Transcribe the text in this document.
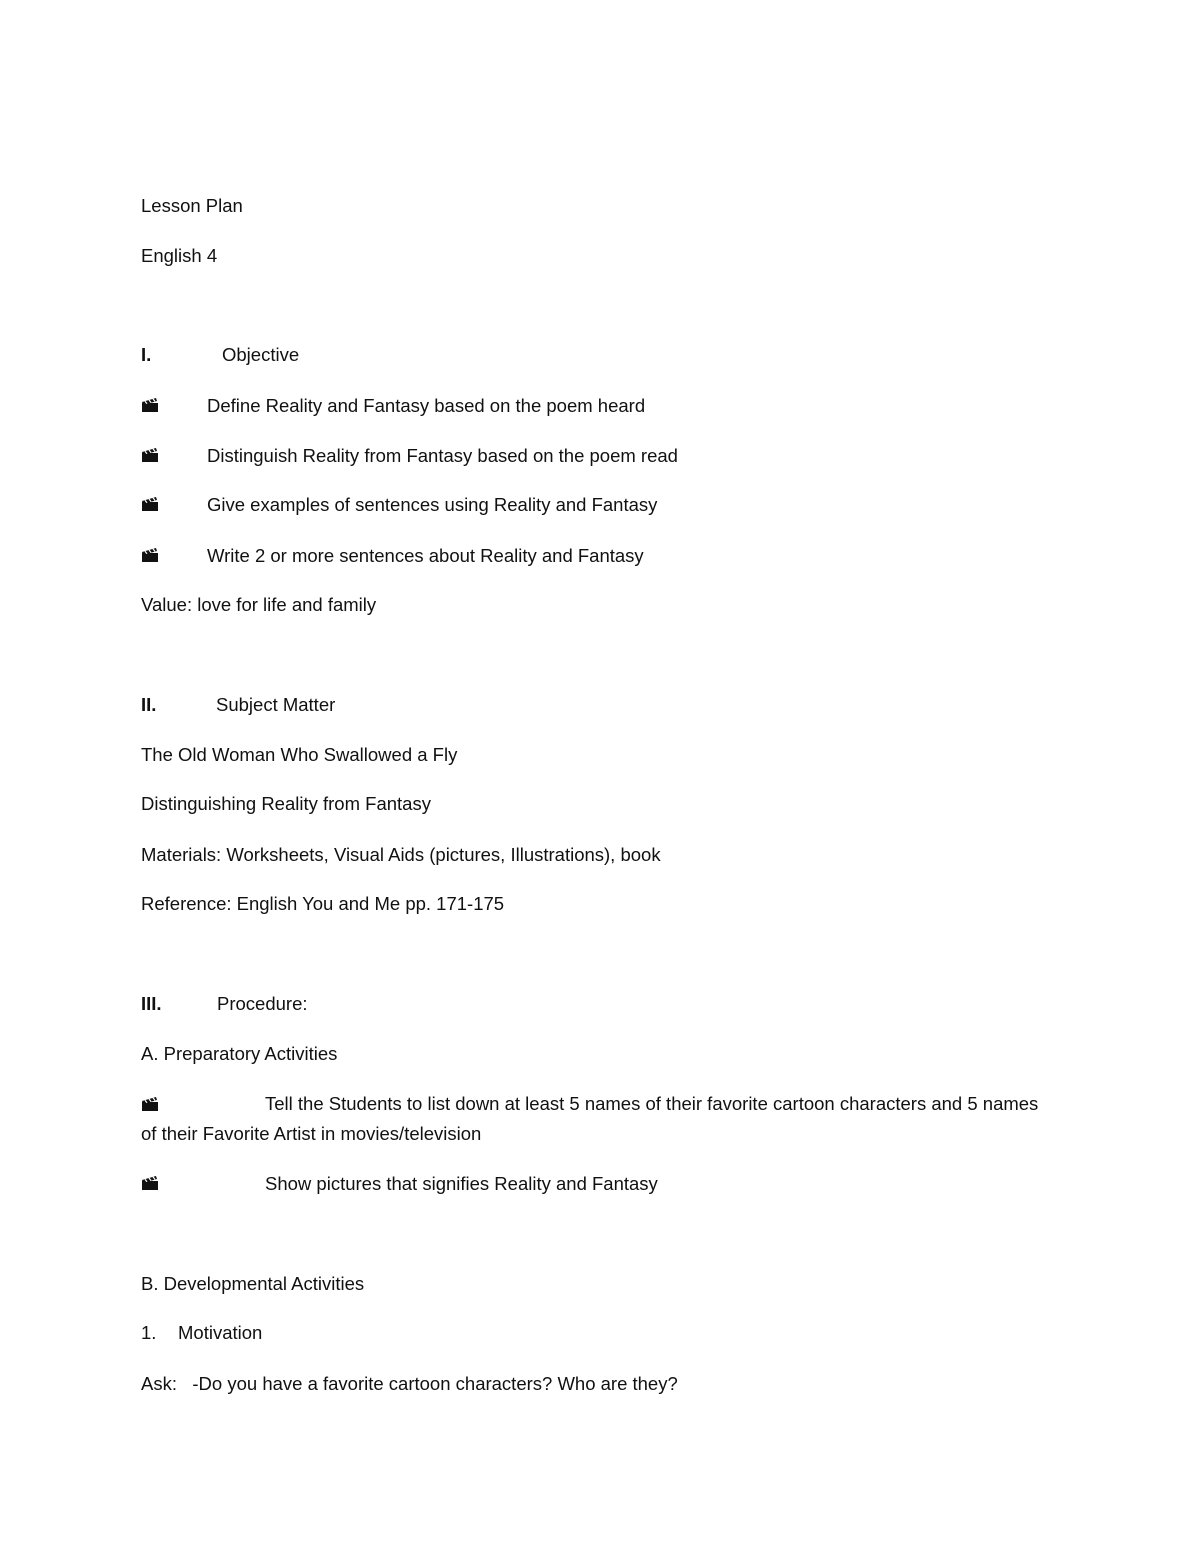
Lesson Plan
English 4
I.	Objective
Define Reality and Fantasy based on the poem heard
Distinguish Reality from Fantasy based on the poem read
Give examples of sentences using Reality and Fantasy
Write 2 or more sentences about Reality and Fantasy
Value: love for life and family
II.	Subject Matter
The Old Woman Who Swallowed a Fly
Distinguishing Reality from Fantasy
Materials: Worksheets, Visual Aids (pictures, Illustrations), book
Reference: English You and Me pp. 171-175
III.	Procedure:
A. Preparatory Activities
Tell the Students to list down at least 5 names of their favorite cartoon characters and 5 names of their Favorite Artist in movies/television
Show pictures that signifies Reality and Fantasy
B. Developmental Activities
1. Motivation
Ask:   -Do you have a favorite cartoon characters? Who are they?
